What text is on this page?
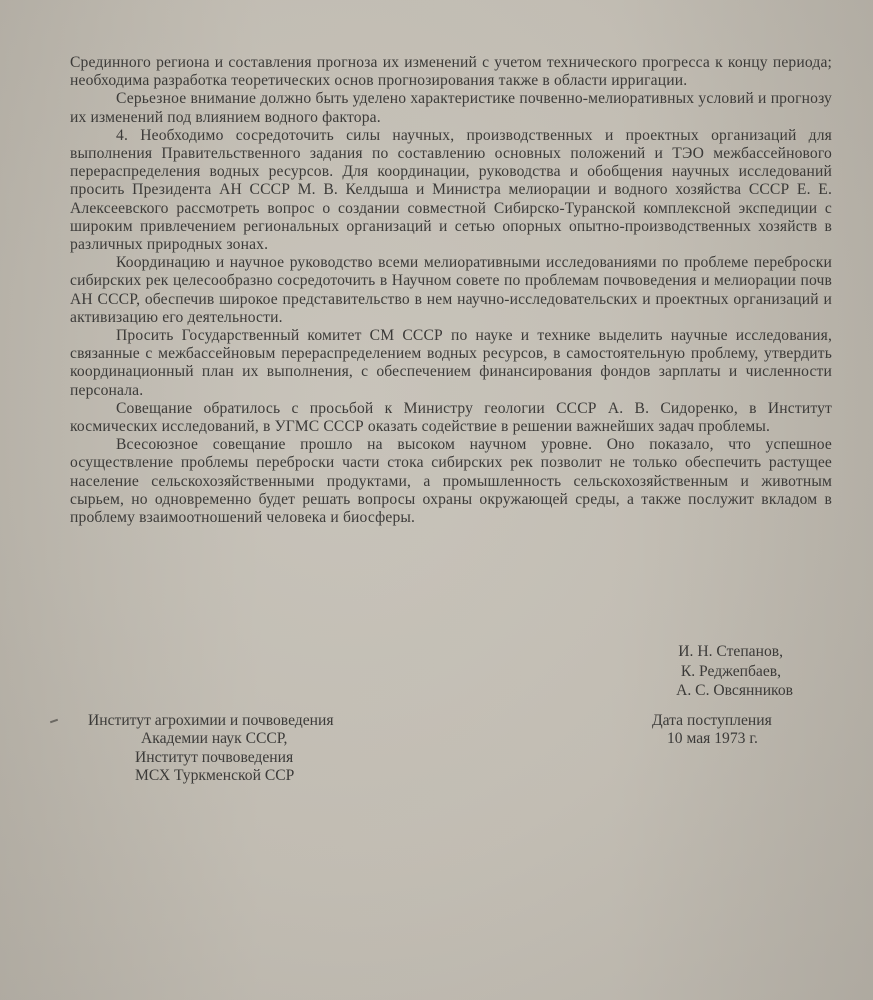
Срединного региона и составления прогноза их изменений с учетом технического прогресса к концу периода; необходима разработка теоретических основ прогнозирования также в области ирригации.

Серьезное внимание должно быть уделено характеристике почвенно-мелиоративных условий и прогнозу их изменений под влиянием водного фактора.

4. Необходимо сосредоточить силы научных, производственных и проектных организаций для выполнения Правительственного задания по составлению основных положений и ТЭО межбассейнового перераспределения водных ресурсов. Для координации, руководства и обобщения научных исследований просить Президента АН СССР М. В. Келдыша и Министра мелиорации и водного хозяйства СССР Е. Е. Алексеевского рассмотреть вопрос о создании совместной Сибирско-Туранской комплексной экспедиции с широким привлечением региональных организаций и сетью опорных опытно-производственных хозяйств в различных природных зонах.

Координацию и научное руководство всеми мелиоративными исследованиями по проблеме переброски сибирских рек целесообразно сосредоточить в Научном совете по проблемам почвоведения и мелиорации почв АН СССР, обеспечив широкое представительство в нем научно-исследовательских и проектных организаций и активизацию его деятельности.

Просить Государственный комитет СМ СССР по науке и технике выделить научные исследования, связанные с межбассейновым перераспределением водных ресурсов, в самостоятельную проблему, утвердить координационный план их выполнения, с обеспечением финансирования фондов зарплаты и численности персонала.

Совещание обратилось с просьбой к Министру геологии СССР А. В. Сидоренко, в Институт космических исследований, в УГМС СССР оказать содействие в решении важнейших задач проблемы.

Всесоюзное совещание прошло на высоком научном уровне. Оно показало, что успешное осуществление проблемы переброски части стока сибирских рек позволит не только обеспечить растущее население сельскохозяйственными продуктами, а промышленность сельскохозяйственным и животным сырьем, но одновременно будет решать вопросы охраны окружающей среды, а также послужит вкладом в проблему взаимоотношений человека и биосферы.

И. Н. Степанов,
К. Реджепбаев,
А. С. Овсянников
Институт агрохимии и почвоведения
Академии наук СССР,
Институт почвоведения
МСХ Туркменской ССР
Дата поступления
10 мая 1973 г.
